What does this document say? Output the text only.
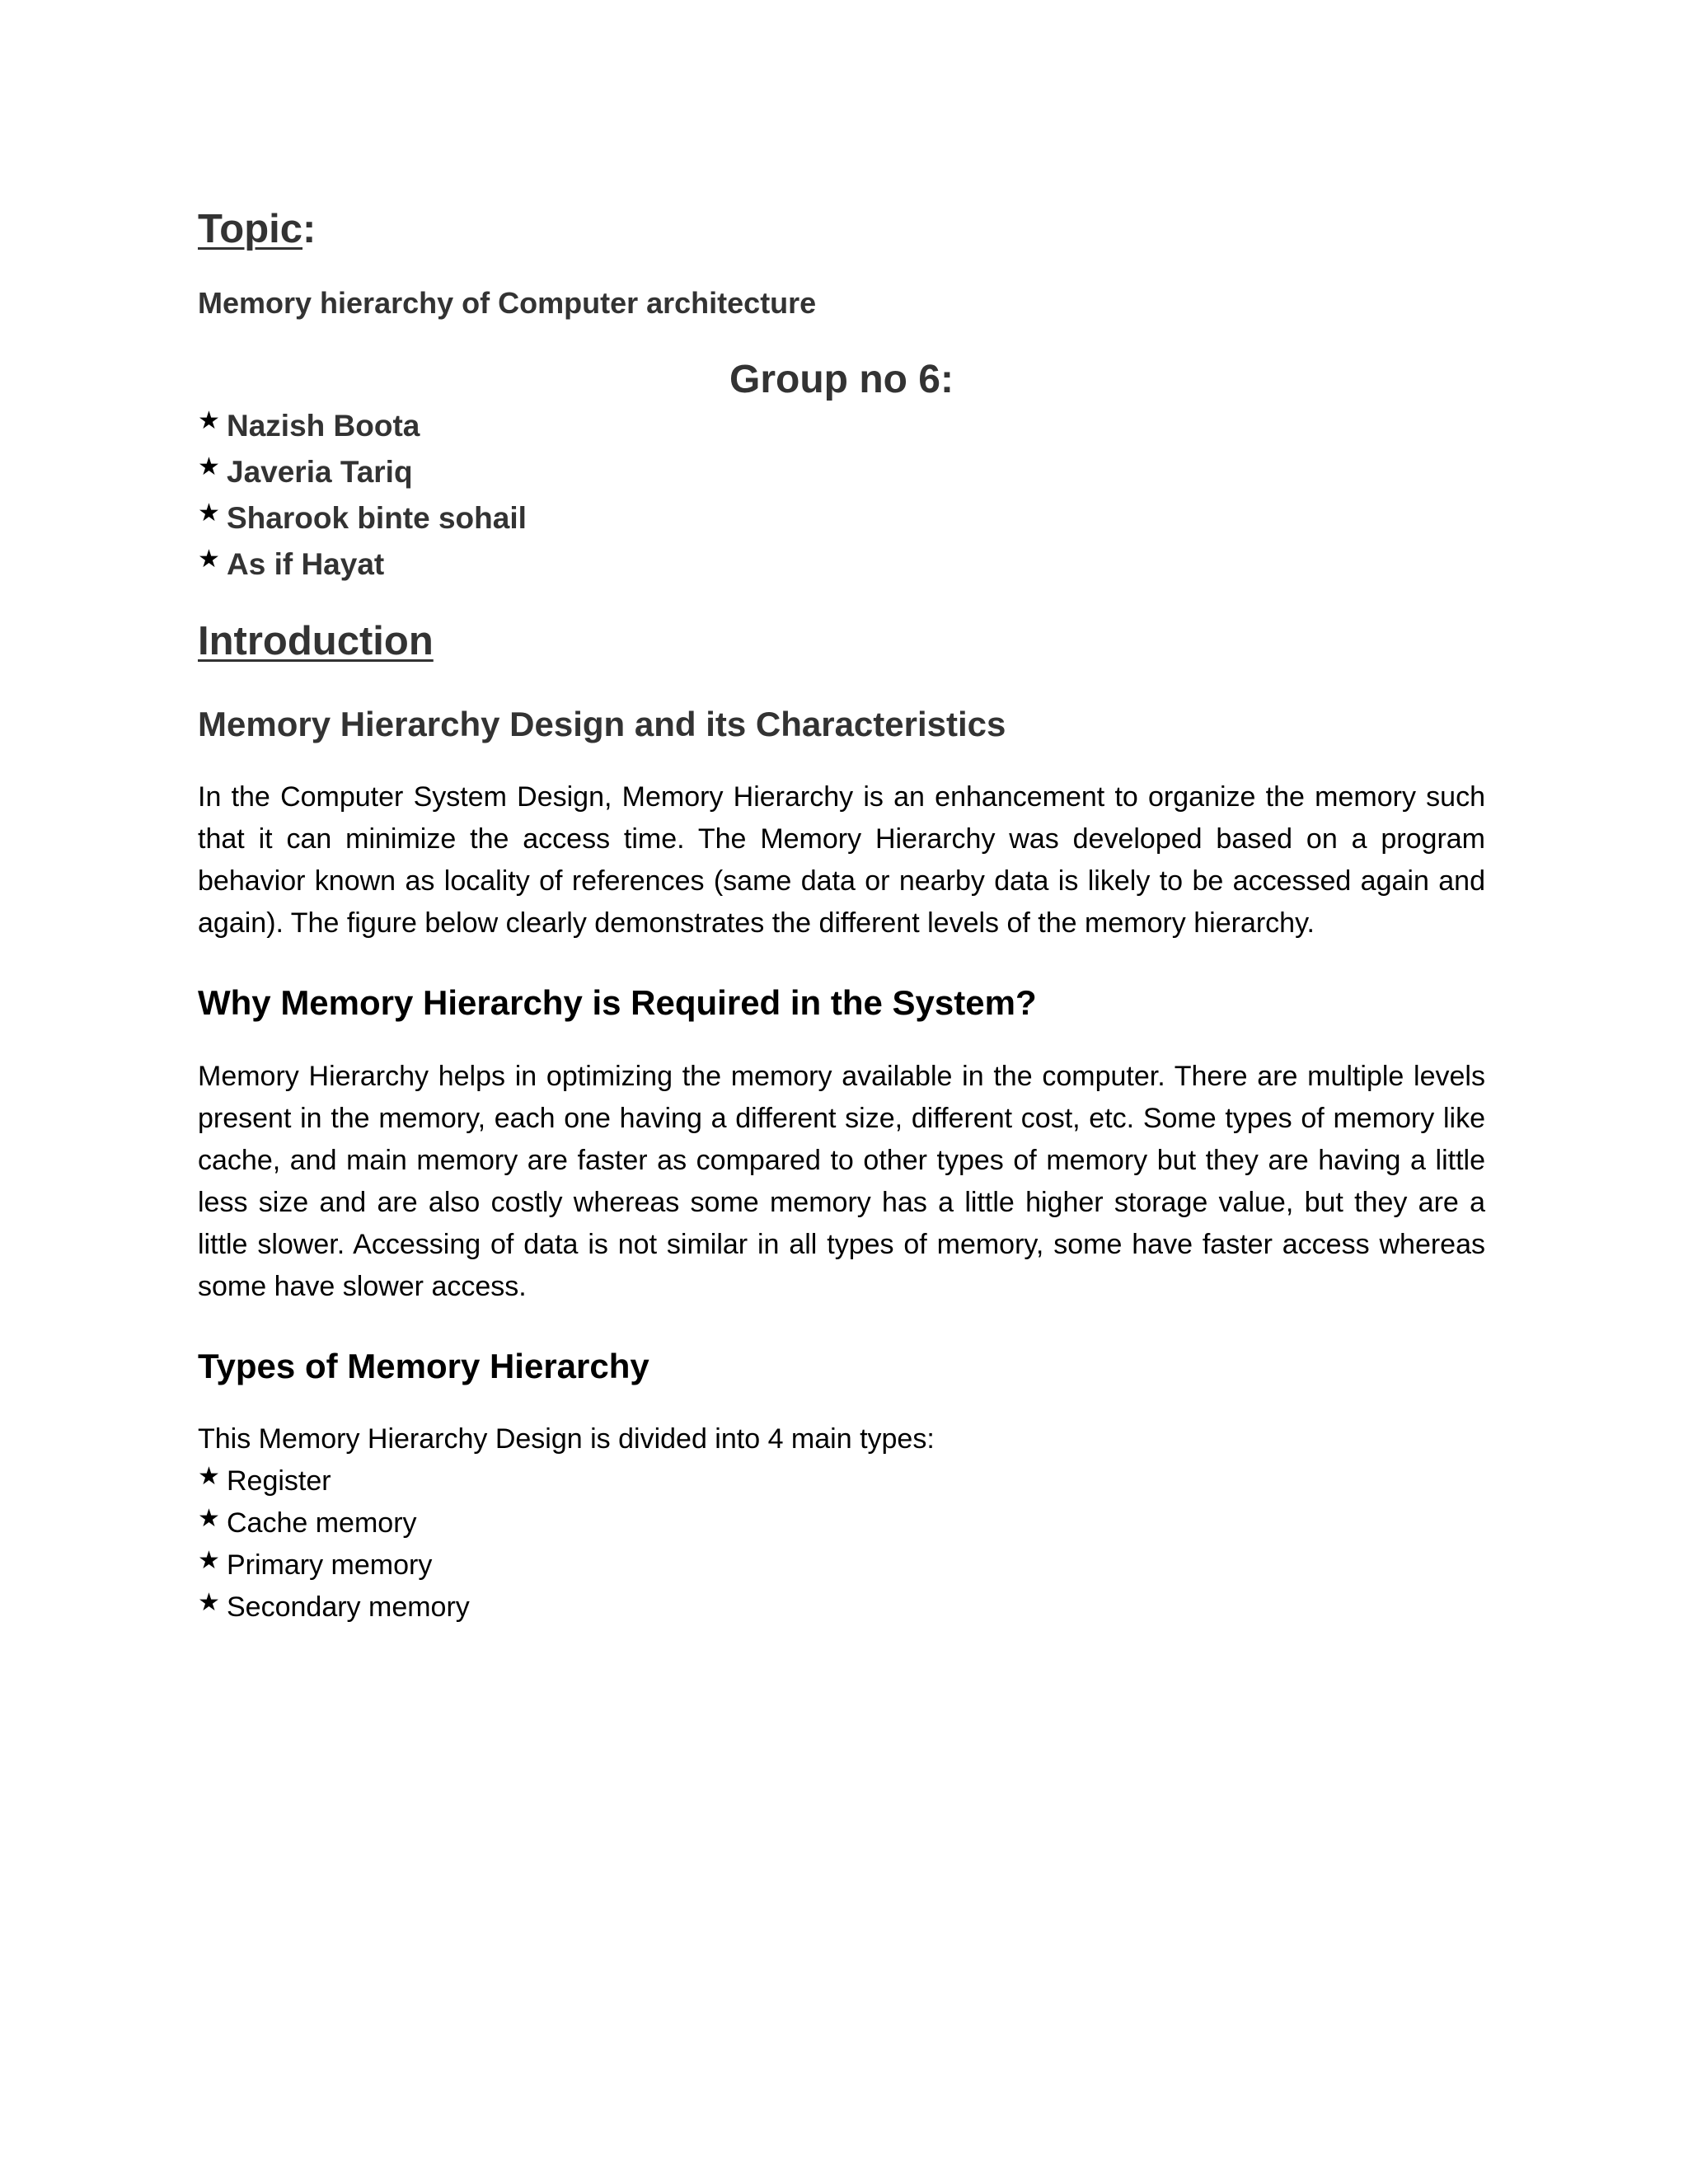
Topic:
Memory hierarchy of Computer architecture
Group no 6:
★ Nazish Boota
★ Javeria Tariq
★ Sharook binte sohail
★ As if Hayat
Introduction
Memory Hierarchy Design and its Characteristics

In the Computer System Design, Memory Hierarchy is an enhancement to organize the memory such that it can minimize the access time. The Memory Hierarchy was developed based on a program behavior known as locality of references (same data or nearby data is likely to be accessed again and again). The figure below clearly demonstrates the different levels of the memory hierarchy.

Why Memory Hierarchy is Required in the System?

Memory Hierarchy helps in optimizing the memory available in the computer. There are multiple levels present in the memory, each one having a different size, different cost, etc. Some types of memory like cache, and main memory are faster as compared to other types of memory but they are having a little less size and are also costly whereas some memory has a little higher storage value, but they are a little slower. Accessing of data is not similar in all types of memory, some have faster access whereas some have slower access.

Types of Memory Hierarchy

This Memory Hierarchy Design is divided into 4 main types:

★ Register
★ Cache memory
★ Primary memory
★ Secondary memory
